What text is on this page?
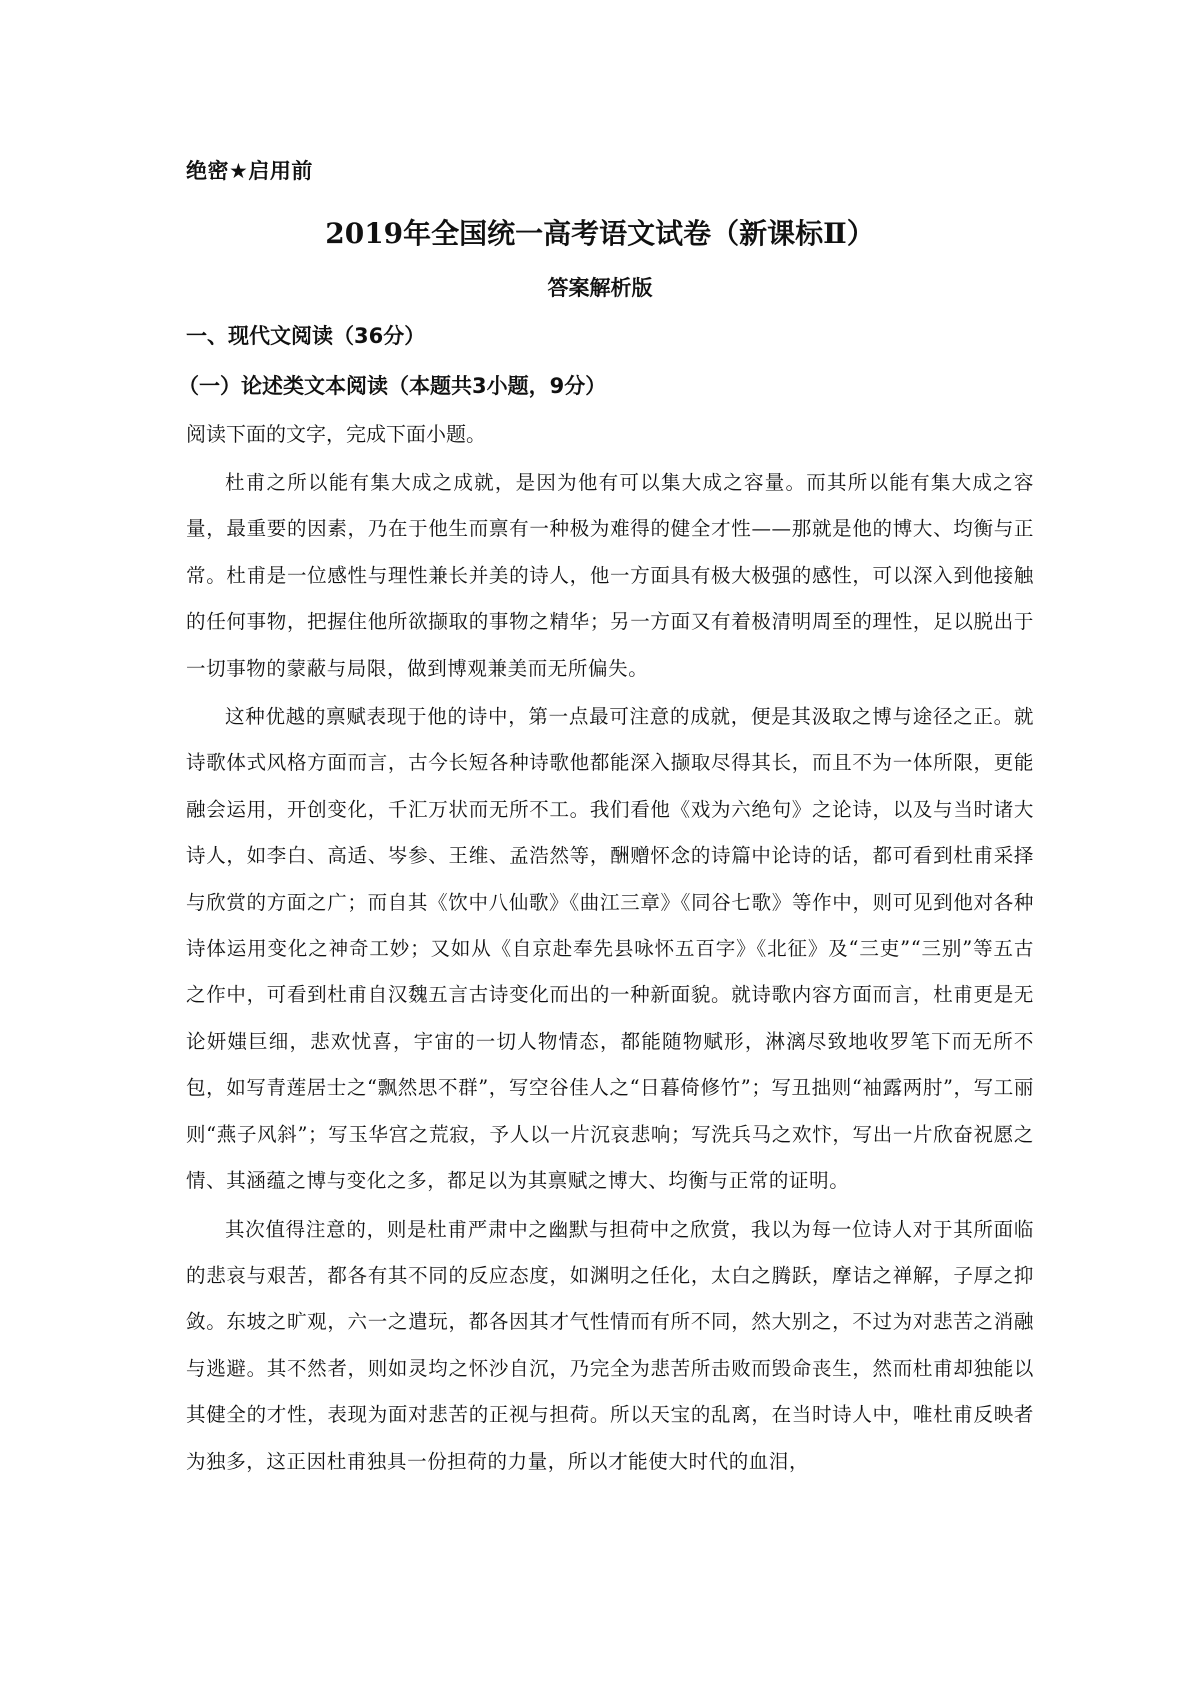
绝密★启用前
2019年全国统一高考语文试卷（新课标Ⅱ）
答案解析版
一、现代文阅读（36分）
（一）论述类文本阅读（本题共3小题，9分）
阅读下面的文字，完成下面小题。

杜甫之所以能有集大成之成就，是因为他有可以集大成之容量。而其所以能有集大成之容量，最重要的因素，乃在于他生而禀有一种极为难得的健全才性——那就是他的博大、均衡与正常。杜甫是一位感性与理性兼长并美的诗人，他一方面具有极大极强的感性，可以深入到他接触的任何事物，把握住他所欲撷取的事物之精华；另一方面又有着极清明周至的理性，足以脱出于一切事物的蒙蔽与局限，做到博观兼美而无所偏失。

这种优越的禀赋表现于他的诗中，第一点最可注意的成就，便是其汲取之博与途径之正。就诗歌体式风格方面而言，古今长短各种诗歌他都能深入撷取尽得其长，而且不为一体所限，更能融会运用，开创变化，千汇万状而无所不工。我们看他《戏为六绝句》之论诗，以及与当时诸大诗人，如李白、高适、岑参、王维、孟浩然等，酬赠怀念的诗篇中论诗的话，都可看到杜甫采择与欣赏的方面之广；而自其《饮中八仙歌》《曲江三章》《同谷七歌》等作中，则可见到他对各种诗体运用变化之神奇工妙；又如从《自京赴奉先县咏怀五百字》《北征》及“三吏”“三别”等五古之作中，可看到杜甫自汉魏五言古诗变化而出的一种新面貌。就诗歌内容方面而言，杜甫更是无论妍媸巨细，悲欢忧喜，宇宙的一切人物情态，都能随物赋形，淋漓尽致地收罗笔下而无所不包，如写青莲居士之“飘然思不群”，写空谷佳人之“日暮倚修竹”；写丑拙则“袖露两肘”，写工丽则“燕子风斜”；写玉华宫之荒寂，予人以一片沉哀悲响；写洗兵马之欢忭，写出一片欣奋祝愿之情、其涵蕴之博与变化之多，都足以为其禀赋之博大、均衡与正常的证明。

其次值得注意的，则是杜甫严肃中之幽默与担荷中之欣赏，我以为每一位诗人对于其所面临的悲哀与艰苦，都各有其不同的反应态度，如渊明之任化，太白之腾跃，摩诘之禅解，子厚之抑敛。东坡之旷观，六一之遣玩，都各因其才气性情而有所不同，然大别之，不过为对悲苦之消融与逃避。其不然者，则如灵均之怀沙自沉，乃完全为悲苦所击败而毁命丧生，然而杜甫却独能以其健全的才性，表现为面对悲苦的正视与担荷。所以天宝的乱离，在当时诗人中，唯杜甫反映者为独多，这正因杜甫独具一份担荷的力量，所以才能使大时代的血泪，
